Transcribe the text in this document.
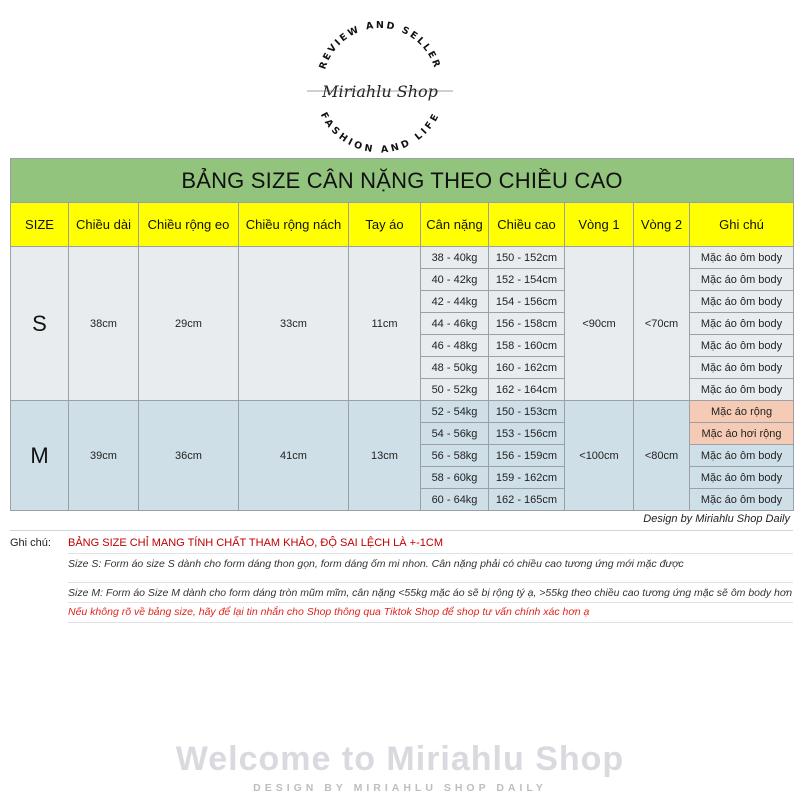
REVIEW AND SELLER
FASHION AND LIFE
Miriahlu Shop
BẢNG SIZE CÂN NẶNG THEO CHIỀU CAO									
SIZE	Chiều dài	Chiều rộng eo	Chiều rộng nách	Tay áo	Cân nặng	Chiều cao	Vòng 1	Vòng 2	Ghi chú
S	38cm	29cm	33cm	11cm	38 - 40kg	150 - 152cm	<90cm	<70cm	Mặc áo ôm body
					40 - 42kg	152 - 154cm			Mặc áo ôm body
					42 - 44kg	154 - 156cm			Mặc áo ôm body
					44 - 46kg	156 - 158cm			Mặc áo ôm body
					46 - 48kg	158 - 160cm			Mặc áo ôm body
					48 - 50kg	160 - 162cm			Mặc áo ôm body
					50 - 52kg	162 - 164cm			Mặc áo ôm body
M	39cm	36cm	41cm	13cm	52 - 54kg	150 - 153cm	<100cm	<80cm	Mặc áo rộng
					54 - 56kg	153 - 156cm			Mặc áo hơi rộng
					56 - 58kg	156 - 159cm			Mặc áo ôm body
					58 - 60kg	159 - 162cm			Mặc áo ôm body
					60 - 64kg	162 - 165cm			Mặc áo ôm body
Design by Miriahlu Shop Daily
Ghi chú:	BẢNG SIZE CHỈ MANG TÍNH CHẤT THAM KHẢO, ĐỘ SAI LỆCH LÀ +-1CM
Size S: Form áo size S dành cho form dáng thon gọn, form dáng ốm mi nhon. Cân nặng phải có chiều cao tương ứng mới mặc được
Size M: Form áo Size M dành cho form dáng tròn mũm mĩm, cân nặng <55kg mặc áo sẽ bị rộng tý ạ, >55kg theo chiều cao tương ứng mặc sẽ ôm body hơn
Nếu không rõ về bảng size, hãy để lại tin nhắn cho Shop thông qua Tiktok Shop để shop tư vấn chính xác hơn ạ
Welcome to Miriahlu Shop
DESIGN BY MIRIAHLU SHOP DAILY
